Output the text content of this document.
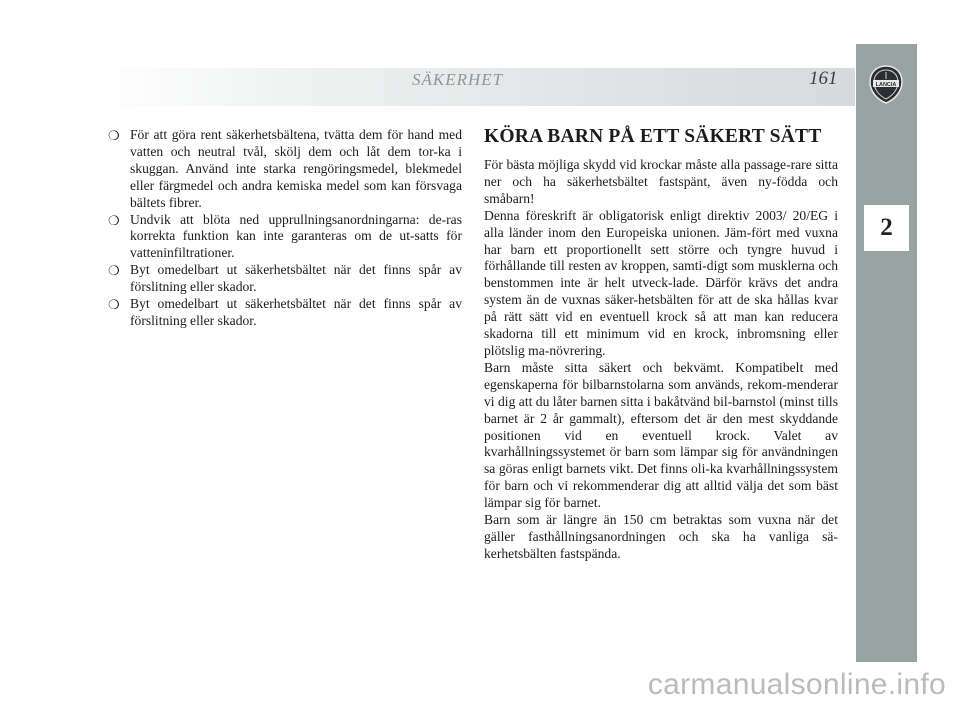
SÄKERHET	161	LANCIA
2
❍ För att göra rent säkerhetsbältena, tvätta dem för hand med vatten och neutral tvål, skölj dem och låt dem tor-ka i skuggan. Använd inte starka rengöringsmedel, blekmedel eller färgmedel och andra kemiska medel som kan försvaga bältets fibrer.
❍ Undvik att blöta ned upprullningsanordningarna: de-ras korrekta funktion kan inte garanteras om de ut-satts för vatteninfiltrationer.
❍ Byt omedelbart ut säkerhetsbältet när det finns spår av förslitning eller skador.
❍ Byt omedelbart ut säkerhetsbältet när det finns spår av förslitning eller skador.
KÖRA BARN PÅ ETT SÄKERT SÄTT

För bästa möjliga skydd vid krockar måste alla passage-rare sitta ner och ha säkerhetsbältet fastspänt, även ny-födda och småbarn!

Denna föreskrift är obligatorisk enligt direktiv 2003/ 20/EG i alla länder inom den Europeiska unionen. Jäm-fört med vuxna har barn ett proportionellt sett större och tyngre huvud i förhållande till resten av kroppen, samti-digt som musklerna och benstommen inte är helt utveck-lade. Därför krävs det andra system än de vuxnas säker-hetsbälten för att de ska hållas kvar på rätt sätt vid en eventuell krock så att man kan reducera skadorna till ett minimum vid en krock, inbromsning eller plötslig ma-növrering.

Barn måste sitta säkert och bekvämt. Kompatibelt med egenskaperna för bilbarnstolarna som används, rekom-menderar vi dig att du låter barnen sitta i bakåtvänd bil-barnstol (minst tills barnet är 2 år gammalt), eftersom det är den mest skyddande positionen vid en eventuell krock. Valet av kvarhållningssystemet ör barn som lämpar sig för användningen sa göras enligt barnets vikt. Det finns oli-ka kvarhållningssystem för barn och vi rekommenderar dig att alltid välja det som bäst lämpar sig för barnet.

Barn som är längre än 150 cm betraktas som vuxna när det gäller fasthållningsanordningen och ska ha vanliga sä-kerhetsbälten fastspända.

carmanualsonline.info
